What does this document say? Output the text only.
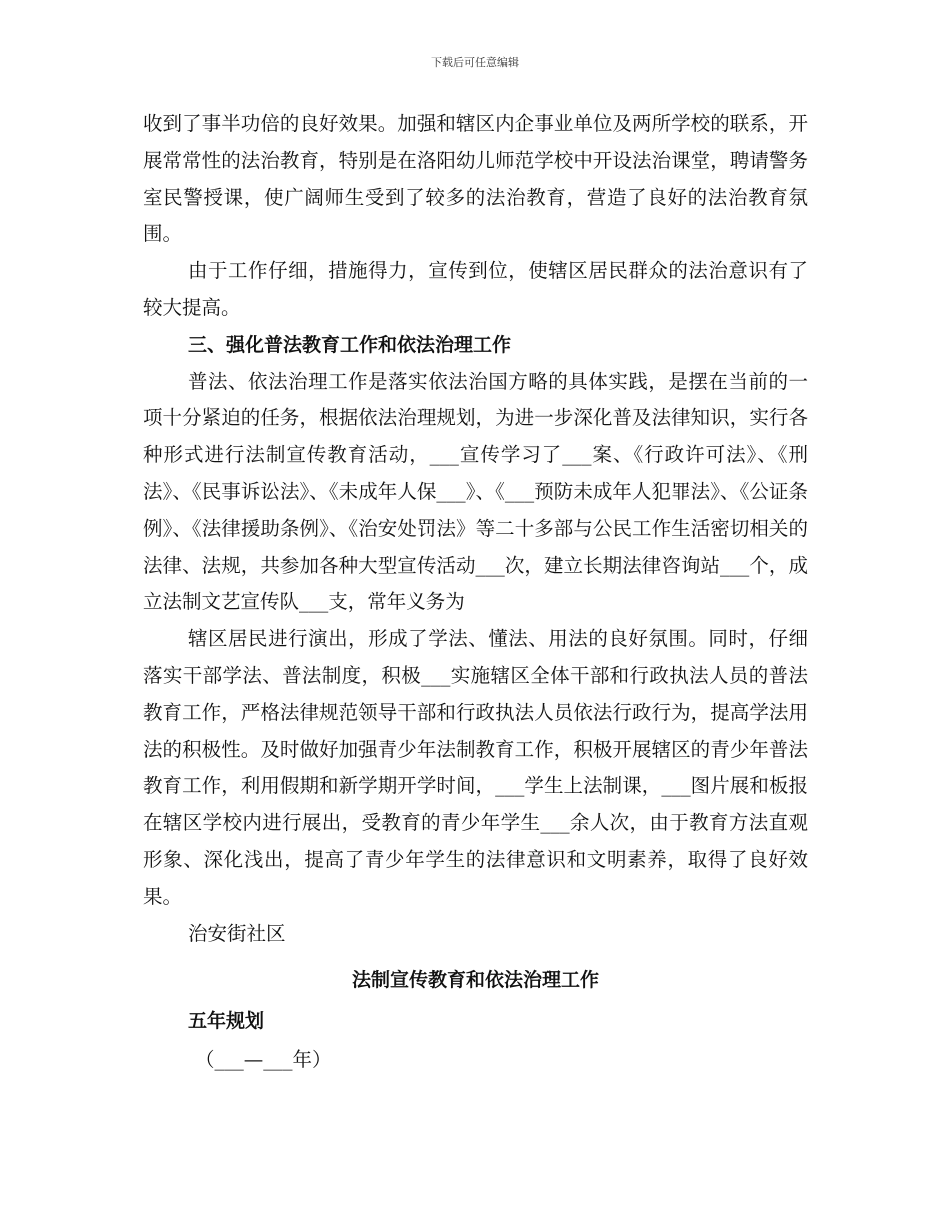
下载后可任意编辑

收到了事半功倍的良好效果。加强和辖区内企事业单位及两所学校的联系，开展常常性的法治教育，特别是在洛阳幼儿师范学校中开设法治课堂，聘请警务室民警授课，使广阔师生受到了较多的法治教育，营造了良好的法治教育氛围。

由于工作仔细，措施得力，宣传到位，使辖区居民群众的法治意识有了较大提高。

三、强化普法教育工作和依法治理工作

普法、依法治理工作是落实依法治国方略的具体实践，是摆在当前的一项十分紧迫的任务，根据依法治理规划，为进一步深化普及法律知识，实行各种形式进行法制宣传教育活动，___宣传学习了___案、《行政许可法》、《刑法》、《民事诉讼法》、《未成年人保___》、《___预防未成年人犯罪法》、《公证条例》、《法律援助条例》、《治安处罚法》等二十多部与公民工作生活密切相关的法律、法规，共参加各种大型宣传活动___次，建立长期法律咨询站___个，成立法制文艺宣传队___支，常年义务为

辖区居民进行演出，形成了学法、懂法、用法的良好氛围。同时，仔细落实干部学法、普法制度，积极___实施辖区全体干部和行政执法人员的普法教育工作，严格法律规范领导干部和行政执法人员依法行政行为，提高学法用法的积极性。及时做好加强青少年法制教育工作，积极开展辖区的青少年普法教育工作，利用假期和新学期开学时间，___学生上法制课，___图片展和板报在辖区学校内进行展出，受教育的青少年学生___余人次，由于教育方法直观形象、深化浅出，提高了青少年学生的法律意识和文明素养，取得了良好效果。

治安街社区

法制宣传教育和依法治理工作

五年规划

（___—___年）
